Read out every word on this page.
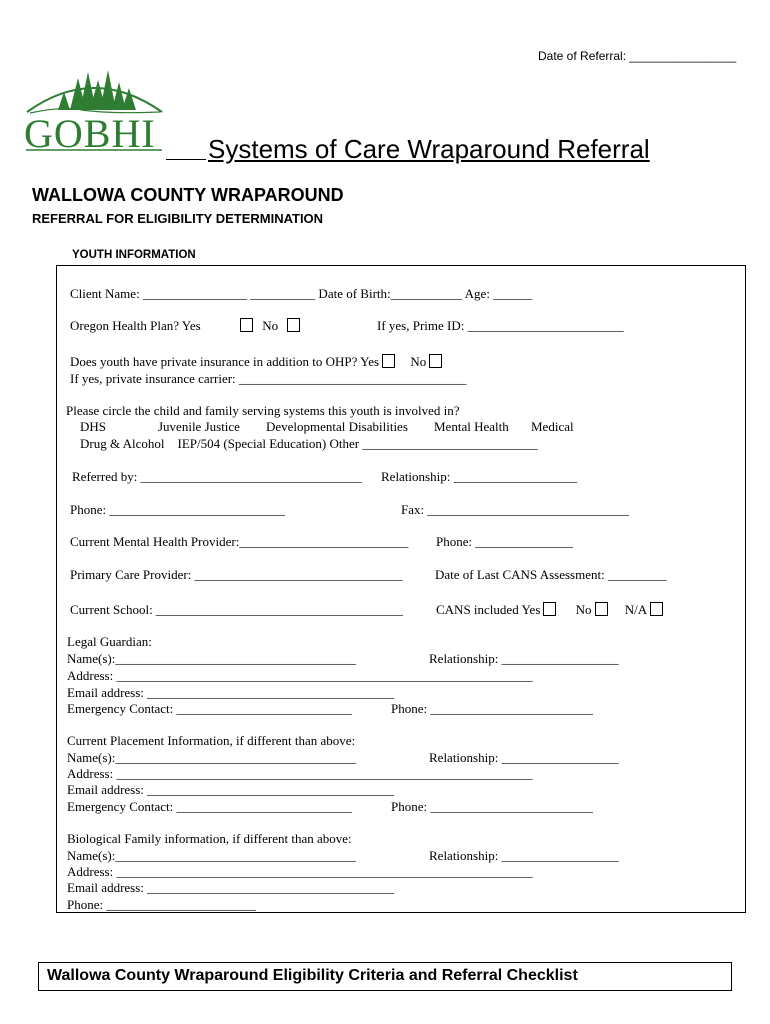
Date of Referral: ________________
GOBHI Systems of Care Wraparound Referral
WALLOWA COUNTY WRAPAROUND
REFERRAL FOR ELIGIBILITY DETERMINATION
YOUTH INFORMATION
Client Name: ________________ __________ Date of Birth:___________ Age: ______
Oregon Health Plan? Yes	No	If yes, Prime ID: ________________________
Does youth have private insurance in addition to OHP? Yes No
If yes, private insurance carrier: ___________________________________
Please circle the child and family serving systems this youth is involved in?
DHS	Juvenile Justice Developmental Disabilities Mental Health Medical
Drug & Alcohol    IEP/504 (Special Education) Other ___________________________
Referred by: __________________________________ Relationship: ___________________
Phone: ___________________________	Fax: _______________________________
Current Mental Health Provider:__________________________ Phone: _______________
Primary Care Provider: ________________________________ Date of Last CANS Assessment: _________
Current School: ______________________________________	CANS included Yes	No	N/A
Legal Guardian:
Name(s):_____________________________________	Relationship: __________________
Address: ________________________________________________________________
Email address: ______________________________________
Emergency Contact: ___________________________	Phone: _________________________
Current Placement Information, if different than above:
Name(s):_____________________________________	Relationship: __________________
Address: ________________________________________________________________
Email address: ______________________________________
Emergency Contact: ___________________________	Phone: _________________________
Biological Family information, if different than above:
Name(s):_____________________________________	Relationship: __________________
Address: ________________________________________________________________
Email address: ______________________________________
Phone: _______________________
Wallowa County Wraparound Eligibility Criteria and Referral Checklist
